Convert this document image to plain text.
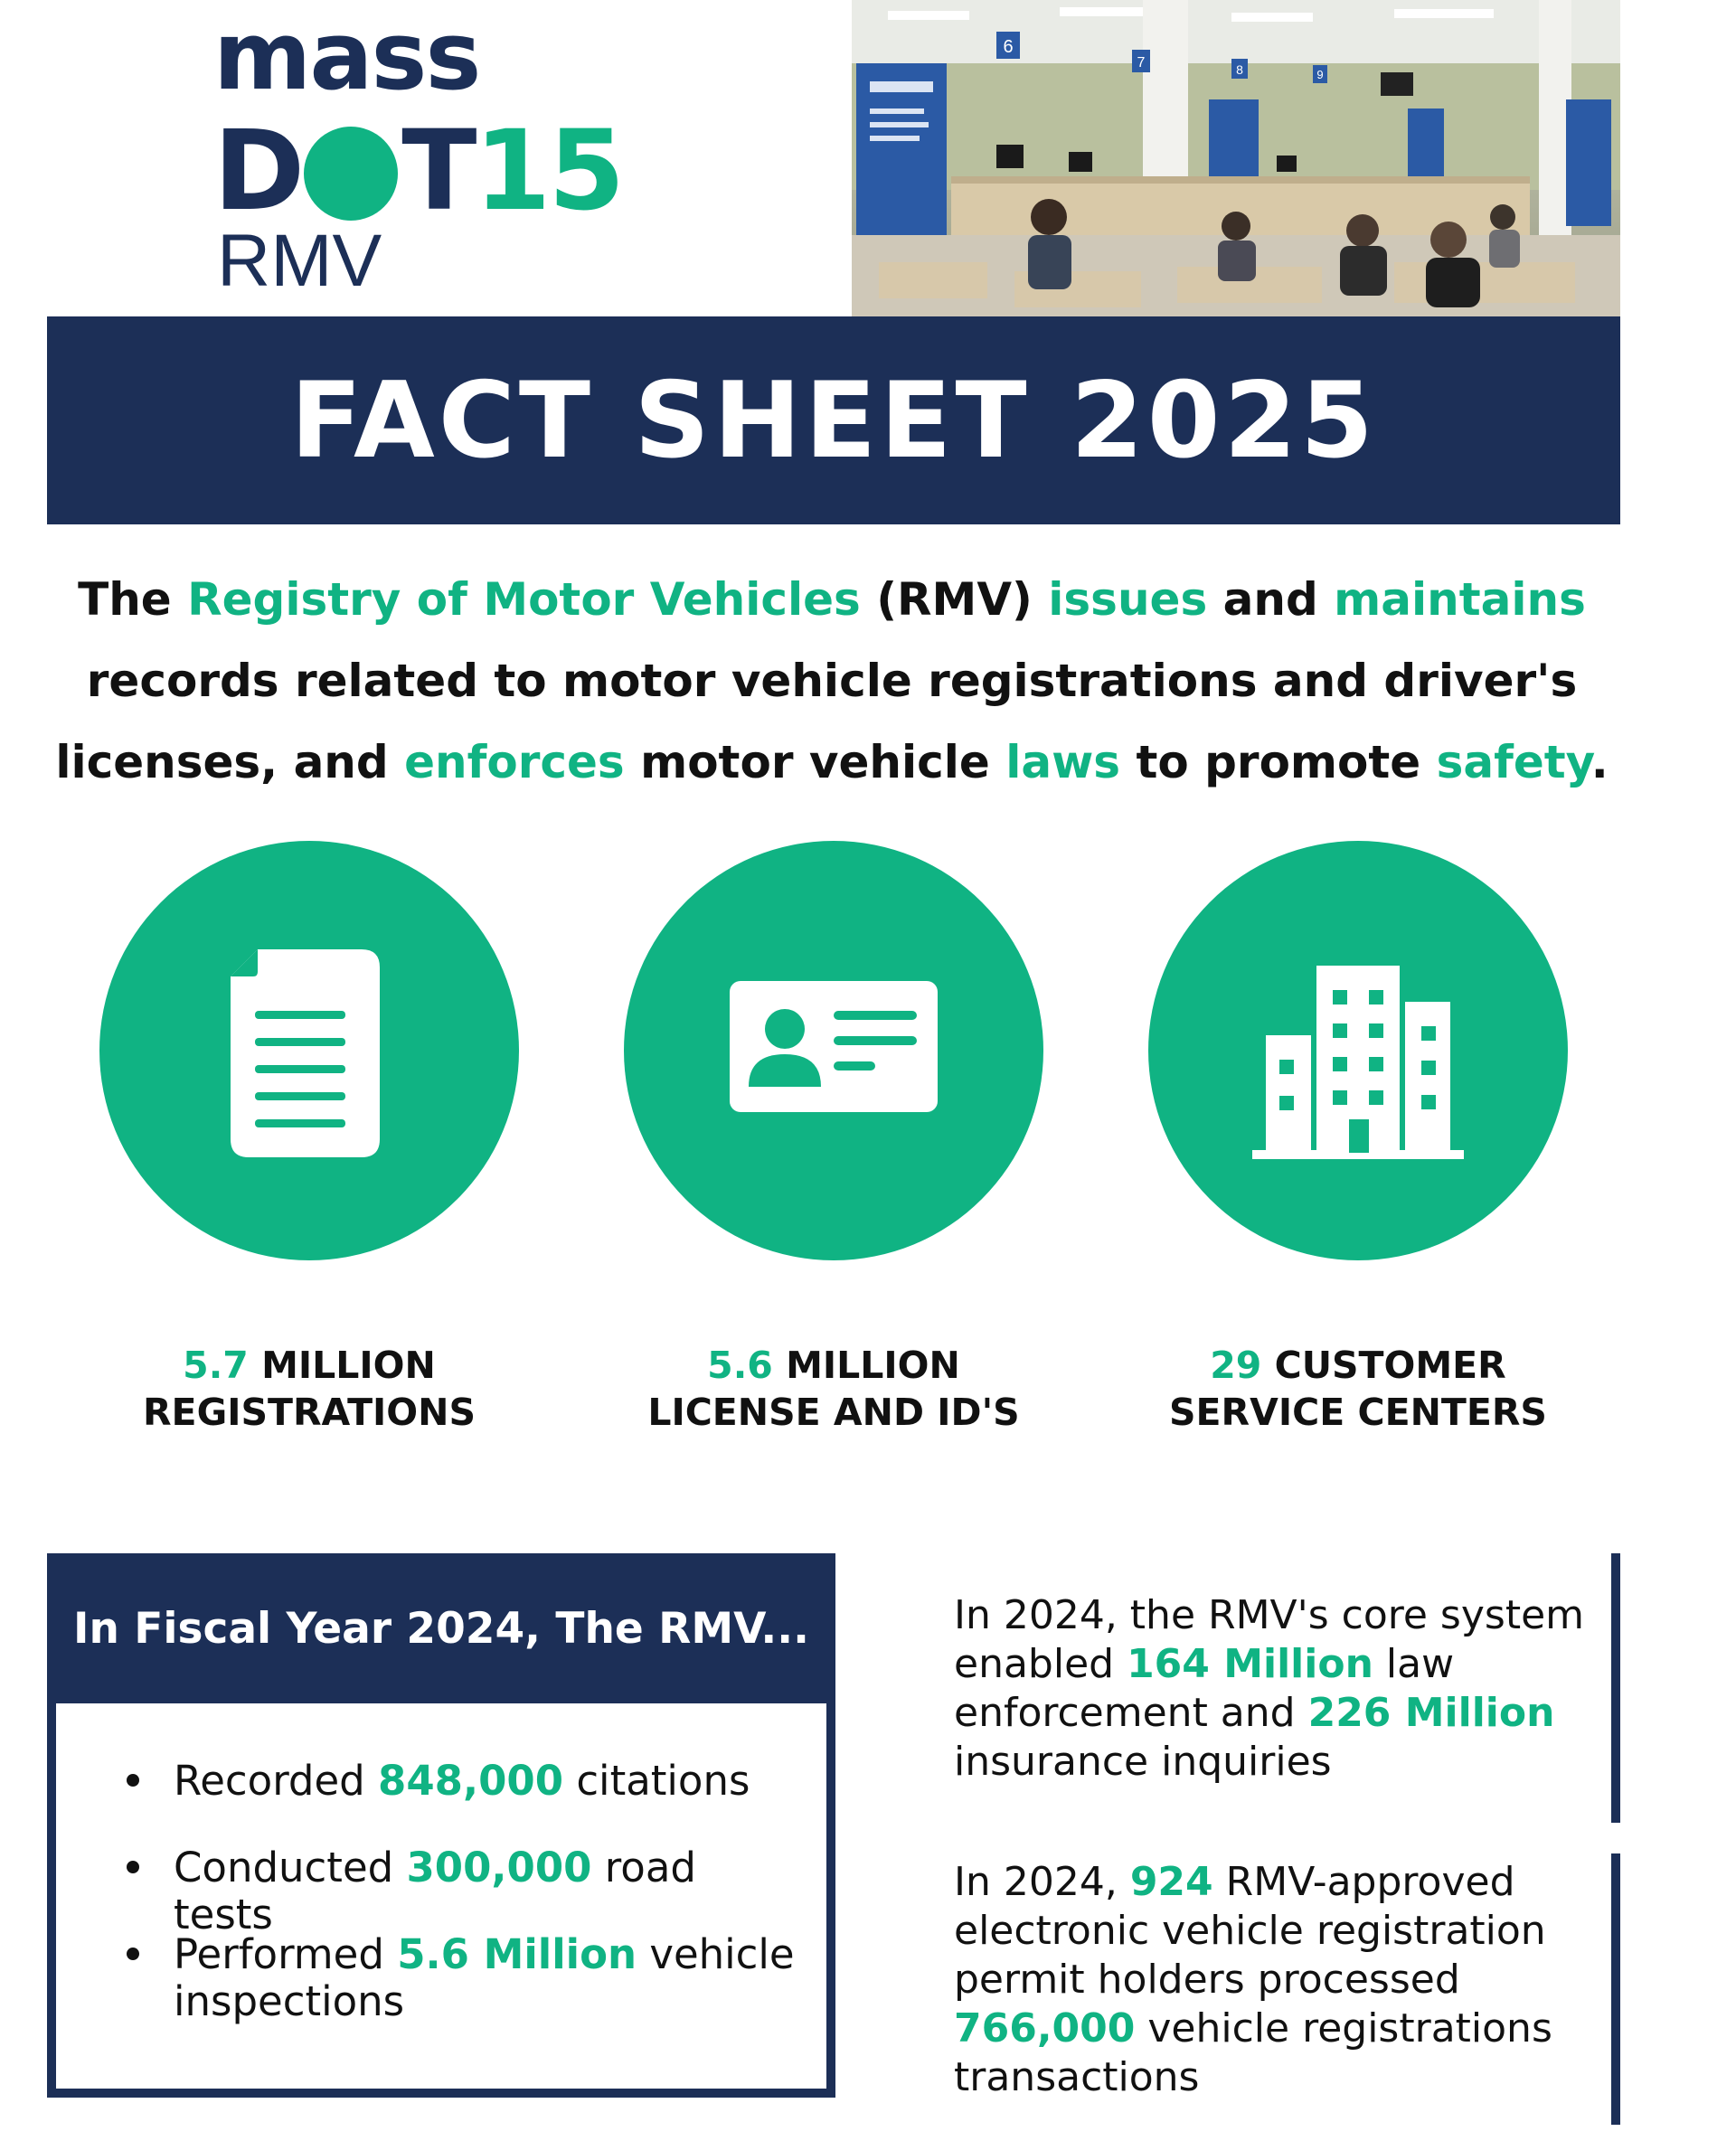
mass
D T15
RMV
6
7	8	9
FACT SHEET 2025
The Registry of Motor Vehicles (RMV) issues and maintains records related to motor vehicle registrations and driver's licenses, and enforces motor vehicle laws to promote safety.
5.7 MILLION
REGISTRATIONS
5.6 MILLION
LICENSE AND ID'S
29 CUSTOMER
SERVICE CENTERS
In Fiscal Year 2024, The RMV...
Recorded 848,000 citations
Conducted 300,000 road tests
Performed 5.6 Million vehicle inspections
In 2024, the RMV's core system enabled 164 Million law enforcement and 226 Million insurance inquiries
In 2024, 924 RMV-approved electronic vehicle registration permit holders processed 766,000 vehicle registrations transactions
